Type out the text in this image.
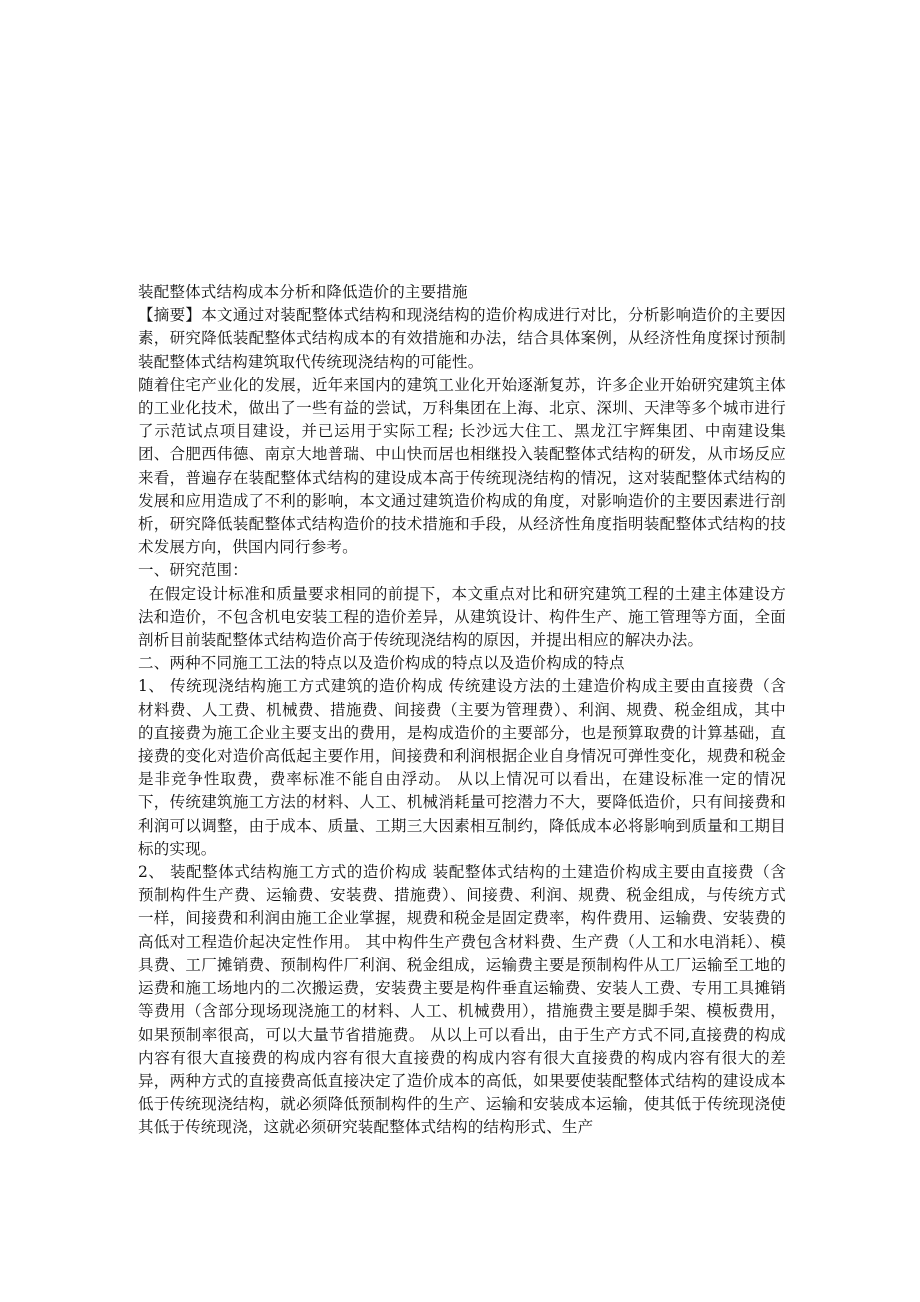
装配整体式结构成本分析和降低造价的主要措施

【摘要】本文通过对装配整体式结构和现浇结构的造价构成进行对比，分析影响造价的主要因素，研究降低装配整体式结构成本的有效措施和办法，结合具体案例，从经济性角度探讨预制装配整体式结构建筑取代传统现浇结构的可能性。

随着住宅产业化的发展，近年来国内的建筑工业化开始逐渐复苏，许多企业开始研究建筑主体的工业化技术，做出了一些有益的尝试，万科集团在上海、北京、深圳、天津等多个城市进行了示范试点项目建设，并已运用于实际工程; 长沙远大住工、黑龙江宇辉集团、中南建设集团、合肥西伟德、南京大地普瑞、中山快而居也相继投入装配整体式结构的研发，从市场反应来看，普遍存在装配整体式结构的建设成本高于传统现浇结构的情况，这对装配整体式结构的发展和应用造成了不利的影响，本文通过建筑造价构成的角度，对影响造价的主要因素进行剖析，研究降低装配整体式结构造价的技术措施和手段，从经济性角度指明装配整体式结构的技术发展方向，供国内同行参考。

一、研究范围：

在假定设计标准和质量要求相同的前提下，本文重点对比和研究建筑工程的土建主体建设方法和造价，不包含机电安装工程的造价差异，从建筑设计、构件生产、施工管理等方面，全面剖析目前装配整体式结构造价高于传统现浇结构的原因，并提出相应的解决办法。

二、两种不同施工工法的特点以及造价构成的特点以及造价构成的特点

1、 传统现浇结构施工方式建筑的造价构成 传统建设方法的土建造价构成主要由直接费（含材料费、人工费、机械费、措施费、间接费（主要为管理费）、利润、规费、税金组成，其中的直接费为施工企业主要支出的费用，是构成造价的主要部分，也是预算取费的计算基础，直接费的变化对造价高低起主要作用，间接费和利润根据企业自身情况可弹性变化，规费和税金是非竞争性取费，费率标准不能自由浮动。 从以上情况可以看出，在建设标准一定的情况下，传统建筑施工方法的材料、人工、机械消耗量可挖潜力不大，要降低造价，只有间接费和利润可以调整，由于成本、质量、工期三大因素相互制约，降低成本必将影响到质量和工期目标的实现。

2、 装配整体式结构施工方式的造价构成 装配整体式结构的土建造价构成主要由直接费（含预制构件生产费、运输费、安装费、措施费）、间接费、利润、规费、税金组成，与传统方式一样，间接费和利润由施工企业掌握，规费和税金是固定费率，构件费用、运输费、安装费的高低对工程造价起决定性作用。 其中构件生产费包含材料费、生产费（人工和水电消耗）、模具费、工厂摊销费、预制构件厂利润、税金组成，运输费主要是预制构件从工厂运输至工地的运费和施工场地内的二次搬运费，安装费主要是构件垂直运输费、安装人工费、专用工具摊销等费用（含部分现场现浇施工的材料、人工、机械费用），措施费主要是脚手架、模板费用，如果预制率很高，可以大量节省措施费。 从以上可以看出，由于生产方式不同,直接费的构成内容有很大直接费的构成内容有很大直接费的构成内容有很大直接费的构成内容有很大的差异，两种方式的直接费高低直接决定了造价成本的高低，如果要使装配整体式结构的建设成本低于传统现浇结构，就必须降低预制构件的生产、运输和安装成本运输，使其低于传统现浇使其低于传统现浇，这就必须研究装配整体式结构的结构形式、生产
